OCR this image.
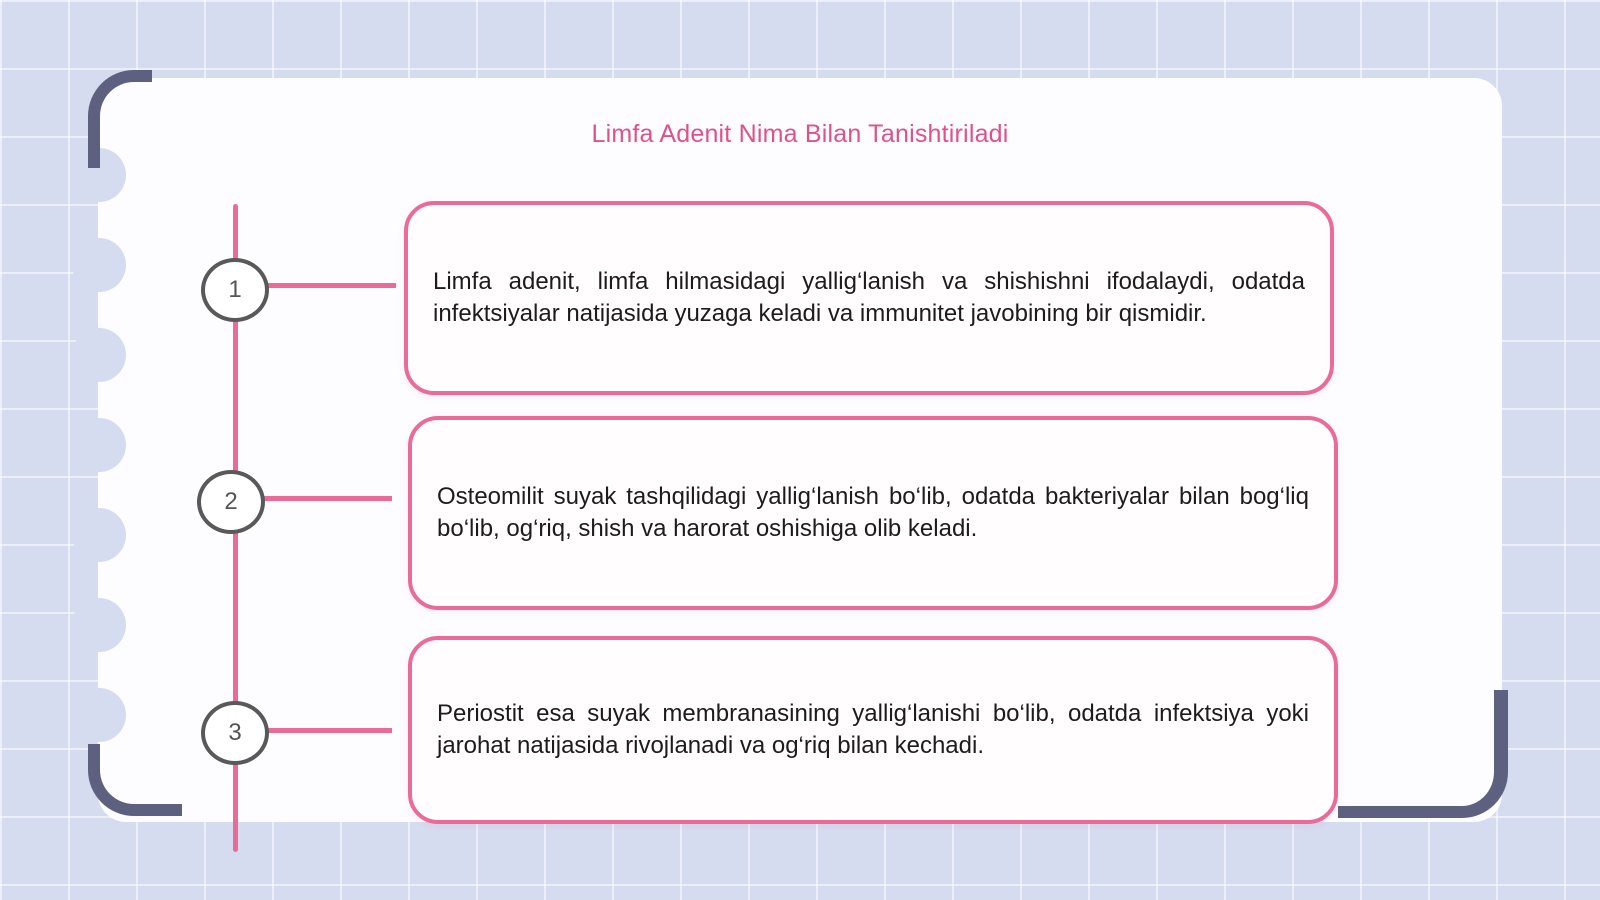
Limfa Adenit Nima Bilan Tanishtiriladi
1
2
3

Limfa adenit, limfa hilmasidagi yallig‘lanish va shishishni ifodalaydi, odatda infektsiyalar natijasida yuzaga keladi va immunitet javobining bir qismidir.

Osteomilit suyak tashqilidagi yallig‘lanish bo‘lib, odatda bakteriyalar bilan bog‘liq bo‘lib, og‘riq, shish va harorat oshishiga olib keladi.

Periostit esa suyak membranasining yallig‘lanishi bo‘lib, odatda infektsiya yoki jarohat natijasida rivojlanadi va og‘riq bilan kechadi.
